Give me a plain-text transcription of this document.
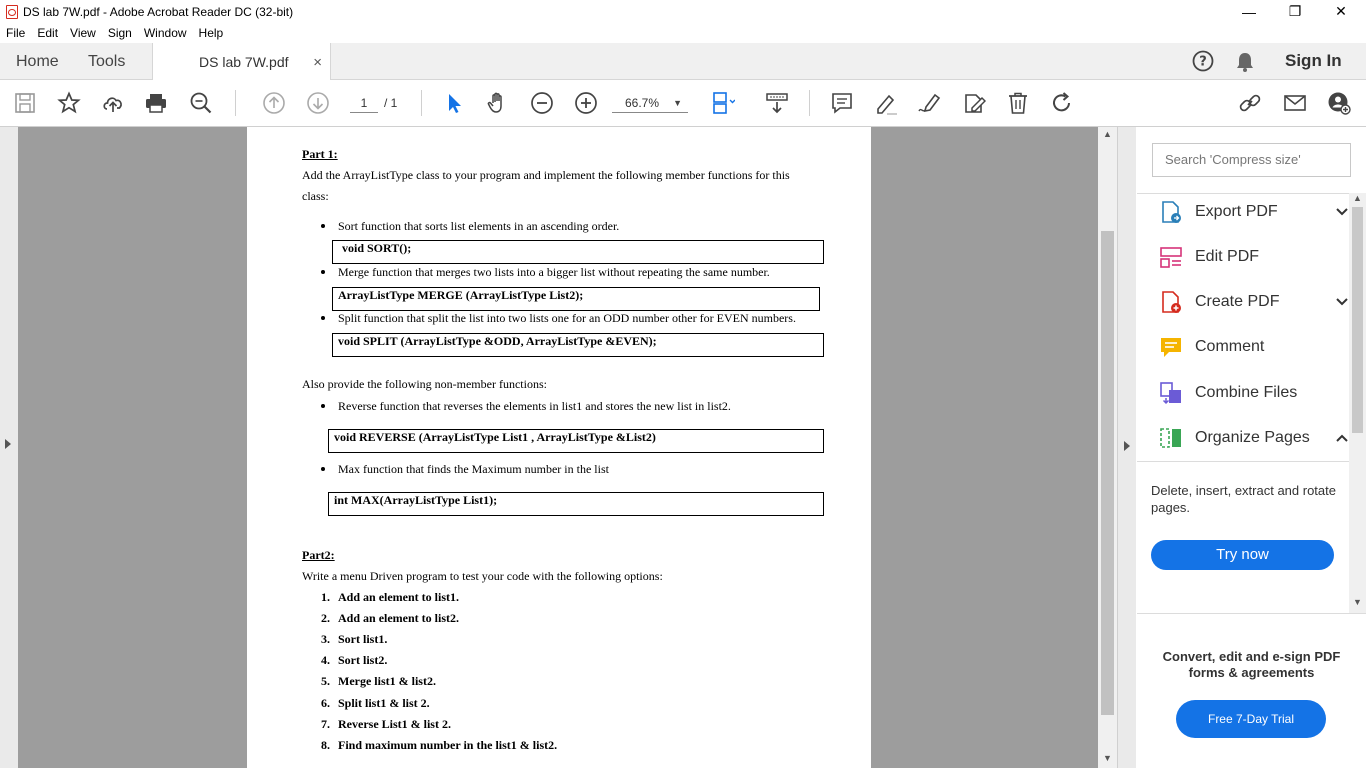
DS lab 7W.pdf - Adobe Acrobat Reader DC (32-bit)	—	❐	✕
File	Edit	View	Sign	Window	Help
Home Tools	DS lab 7W.pdf ×	?	Sign In
1	/ 1	66.7% ▼
Part 1:
Add the ArrayListType class to your program and implement the following member functions for this
class:
Sort function that sorts list elements in an ascending order.
void SORT();
Merge function that merges two lists into a bigger list without repeating the same number.
ArrayListType MERGE (ArrayListType List2);
Split function that split the list into two lists one for an ODD number other for EVEN numbers.
void SPLIT (ArrayListType &ODD, ArrayListType &EVEN);
Also provide the following non-member functions:
Reverse function that reverses the elements in list1 and stores the new list in list2.
void REVERSE (ArrayListType List1 , ArrayListType &List2)
Max function that finds the Maximum number in the list
int MAX(ArrayListType List1);
Part2:
Write a menu Driven program to test your code with the following options:
1. Add an element to list1.
2. Add an element to list2.
3. Sort list1.
4. Sort list2.
5. Merge list1 & list2.
6. Split list1 & list 2.
7. Reverse List1 & list 2.
8. Find maximum number in the list1 & list2.
▲
▼
Search 'Compress size'
Export PDF
Edit PDF
Create PDF
Comment
Combine Files
Organize Pages
Delete, insert, extract and rotate pages.
Try now
▲
▼
Convert, edit and e-sign PDF forms & agreements
Free 7-Day Trial
